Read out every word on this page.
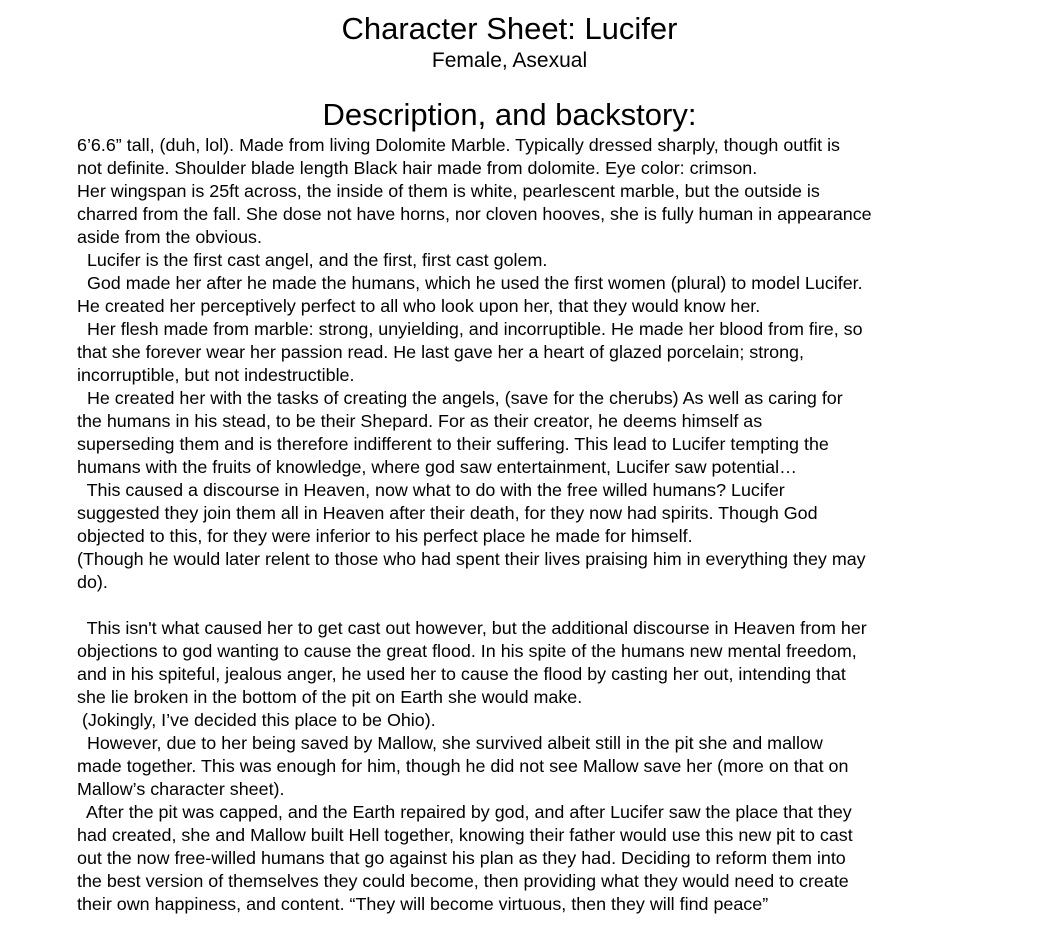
Character Sheet: Lucifer
Female, Asexual
Description, and backstory:
6’6.6” tall, (duh, lol). Made from living Dolomite Marble. Typically dressed sharply, though outfit is
not definite. Shoulder blade length Black hair made from dolomite. Eye color: crimson.
Her wingspan is 25ft across, the inside of them is white, pearlescent marble, but the outside is
charred from the fall. She dose not have horns, nor cloven hooves, she is fully human in appearance
aside from the obvious.
Lucifer is the first cast angel, and the first, first cast golem.
God made her after he made the humans, which he used the first women (plural) to model Lucifer.
He created her perceptively perfect to all who look upon her, that they would know her.
Her flesh made from marble: strong, unyielding, and incorruptible. He made her blood from fire, so
that she forever wear her passion read. He last gave her a heart of glazed porcelain; strong,
incorruptible, but not indestructible.
He created her with the tasks of creating the angels, (save for the cherubs) As well as caring for
the humans in his stead, to be their Shepard. For as their creator, he deems himself as
superseding them and is therefore indifferent to their suffering. This lead to Lucifer tempting the
humans with the fruits of knowledge, where god saw entertainment, Lucifer saw potential…
This caused a discourse in Heaven, now what to do with the free willed humans? Lucifer
suggested they join them all in Heaven after their death, for they now had spirits. Though God
objected to this, for they were inferior to his perfect place he made for himself.
(Though he would later relent to those who had spent their lives praising him in everything they may
do).
This isn't what caused her to get cast out however, but the additional discourse in Heaven from her
objections to god wanting to cause the great flood. In his spite of the humans new mental freedom,
and in his spiteful, jealous anger, he used her to cause the flood by casting her out, intending that
she lie broken in the bottom of the pit on Earth she would make.
(Jokingly, I’ve decided this place to be Ohio).
However, due to her being saved by Mallow, she survived albeit still in the pit she and mallow
made together. This was enough for him, though he did not see Mallow save her (more on that on
Mallow’s character sheet).
After the pit was capped, and the Earth repaired by god, and after Lucifer saw the place that they
had created, she and Mallow built Hell together, knowing their father would use this new pit to cast
out the now free-willed humans that go against his plan as they had. Deciding to reform them into
the best version of themselves they could become, then providing what they would need to create
their own happiness, and content. “They will become virtuous, then they will find peace”
